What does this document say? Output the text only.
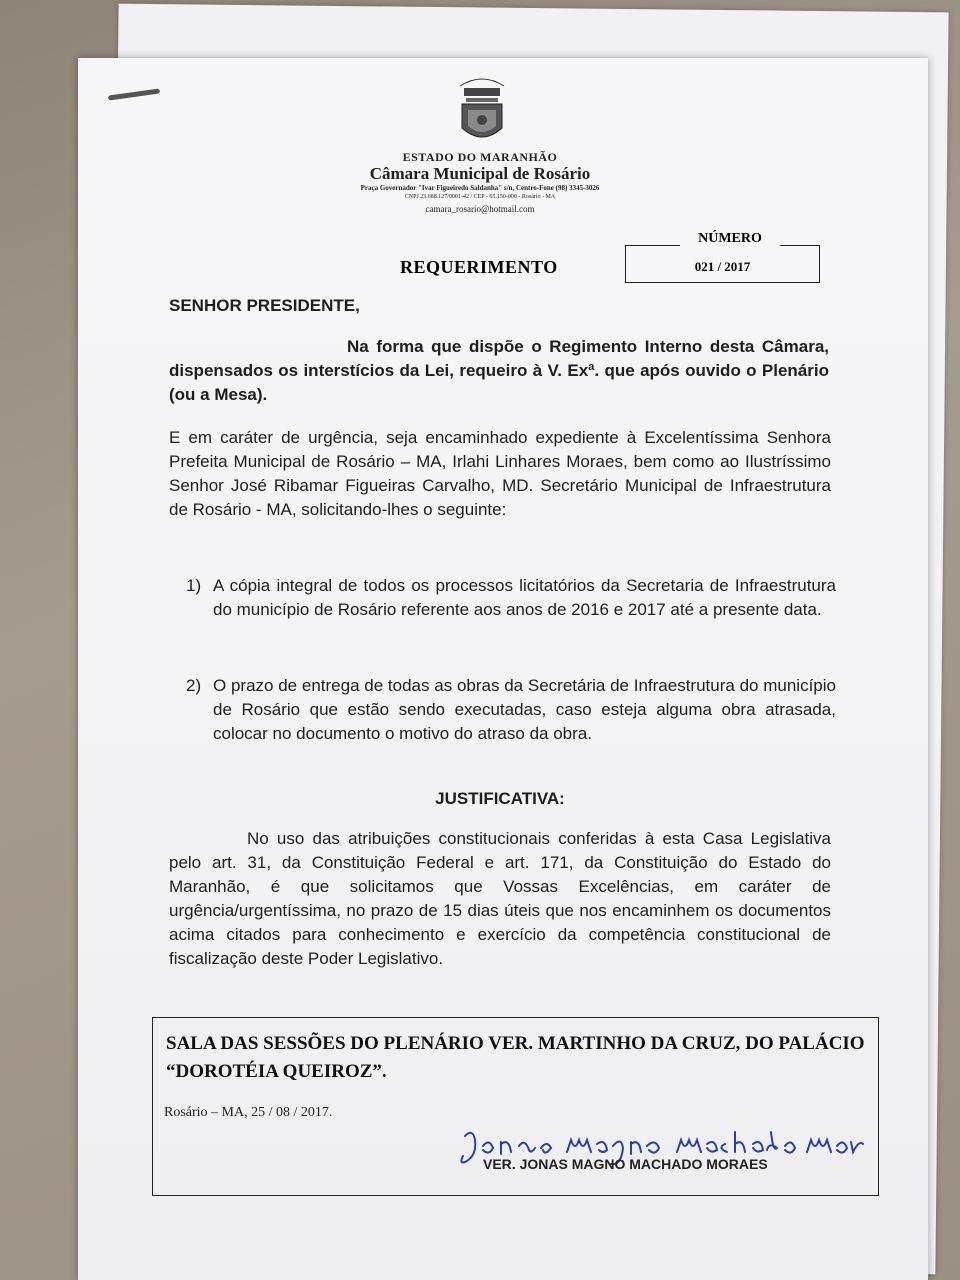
ESTADO DO MARANHÃO
Câmara Municipal de Rosário
Praça Governador "Ivar Figueiredo Saldanha" s/n, Centro-Fone (98) 3345-3026
CNPJ 23.688.127/0001-42 / CEP - 65.150-000 - Rosário - MA
camara_rosario@hotmail.com
NÚMERO
021 / 2017
REQUERIMENTO
SENHOR PRESIDENTE,
Na forma que dispõe o Regimento Interno desta Câmara, dispensados os interstícios da Lei, requeiro à V. Exª. que após ouvido o Plenário (ou a Mesa).
E em caráter de urgência, seja encaminhado expediente à Excelentíssima Senhora Prefeita Municipal de Rosário – MA, Irlahi Linhares Moraes, bem como ao Ilustríssimo Senhor José Ribamar Figueiras Carvalho, MD. Secretário Municipal de Infraestrutura de Rosário - MA, solicitando-lhes o seguinte:
1) A cópia integral de todos os processos licitatórios da Secretaria de Infraestrutura do município de Rosário referente aos anos de 2016 e 2017 até a presente data.
2) O prazo de entrega de todas as obras da Secretária de Infraestrutura do município de Rosário que estão sendo executadas, caso esteja alguma obra atrasada, colocar no documento o motivo do atraso da obra.
JUSTIFICATIVA:
No uso das atribuições constitucionais conferidas à esta Casa Legislativa pelo art. 31, da Constituição Federal e art. 171, da Constituição do Estado do Maranhão, é que solicitamos que Vossas Excelências, em caráter de urgência/urgentíssima, no prazo de 15 dias úteis que nos encaminhem os documentos acima citados para conhecimento e exercício da competência constitucional de fiscalização deste Poder Legislativo.
SALA DAS SESSÕES DO PLENÁRIO VER. MARTINHO DA CRUZ, DO PALÁCIO “DOROTÉIA QUEIROZ”.
Rosário – MA, 25 / 08 / 2017.
VER. JONAS MAGNO MACHADO MORAES
